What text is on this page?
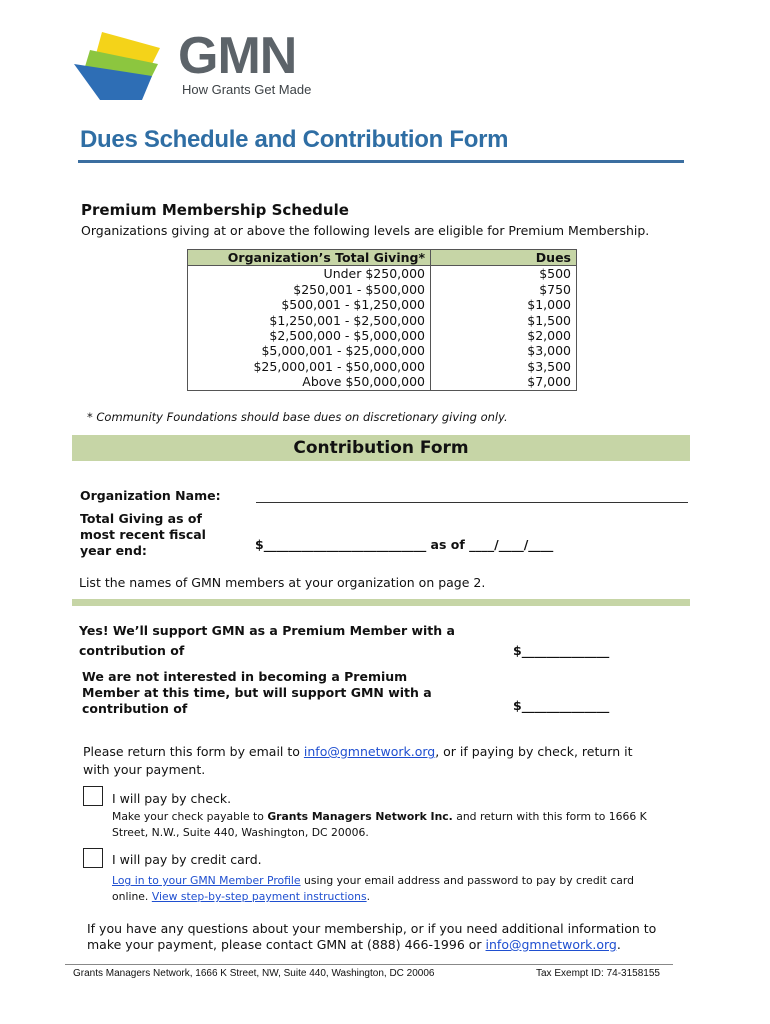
GMN
How Grants Get Made
Dues Schedule and Contribution Form
Premium Membership Schedule
Organizations giving at or above the following levels are eligible for Premium Membership.
Organization’s Total Giving*	Dues
Under $250,000	$500
$250,001 - $500,000	$750
$500,001 - $1,250,000	$1,000
$1,250,001 - $2,500,000	$1,500
$2,500,000 - $5,000,000	$2,000
$5,000,001 - $25,000,000	$3,000
$25,000,001 - $50,000,000	$3,500
Above $50,000,000	$7,000
* Community Foundations should base dues on discretionary giving only.
Contribution Form
Organization Name:
Total Giving as of most recent fiscal year end:	$__________________________ as of ____/____/____
List the names of GMN members at your organization on page 2.
Yes! We’ll support GMN as a Premium Member with a contribution of	$______________
We are not interested in becoming a Premium Member at this time, but will support GMN with a contribution of	$______________
Please return this form by email to info@gmnetwork.org, or if paying by check, return it with your payment.
I will pay by check.
Make your check payable to Grants Managers Network Inc. and return with this form to 1666 K Street, N.W., Suite 440, Washington, DC 20006.
I will pay by credit card.
Log in to your GMN Member Profile using your email address and password to pay by credit card online. View step-by-step payment instructions.
If you have any questions about your membership, or if you need additional information to make your payment, please contact GMN at (888) 466-1996 or info@gmnetwork.org.
Grants Managers Network, 1666 K Street, NW, Suite 440, Washington, DC 20006	Tax Exempt ID: 74-3158155
